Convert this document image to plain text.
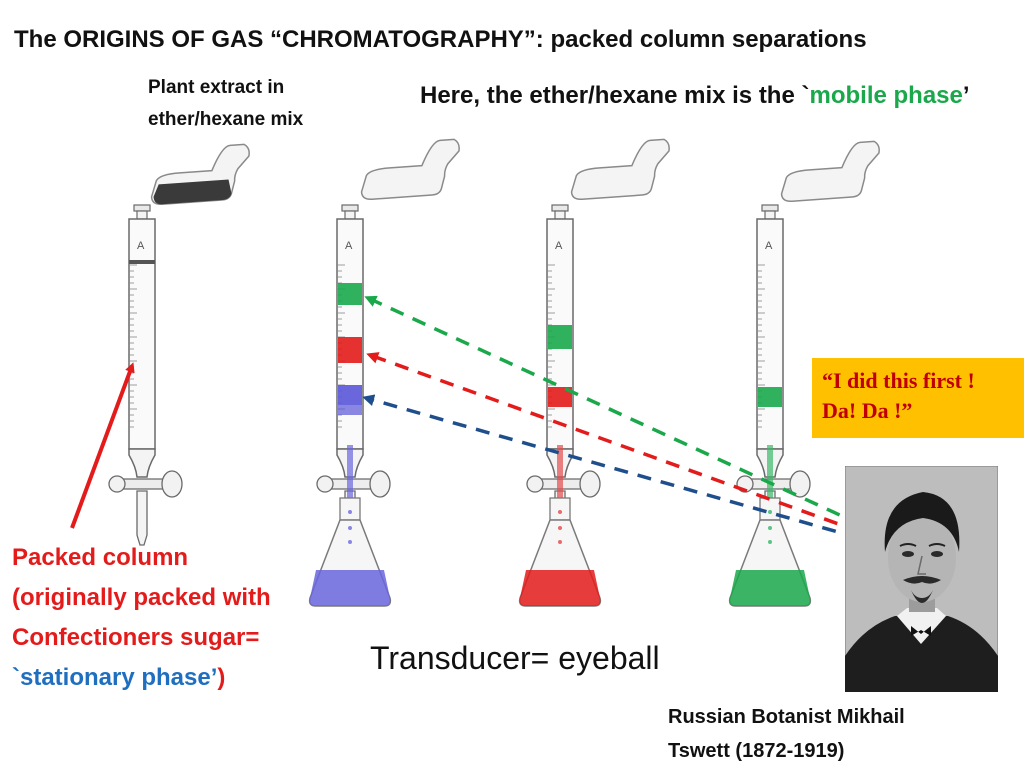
The ORIGINS OF GAS “CHROMATOGRAPHY”: packed column separations
Plant extract in
ether/hexane mix
Here, the ether/hexane mix is the `mobile phase’
A	A	A	A
“I did this first !
Da! Da !”
Packed column
(originally packed with
Confectioners sugar=
`stationary phase’)
Transducer= eyeball
Russian Botanist Mikhail
Tswett (1872-1919)
